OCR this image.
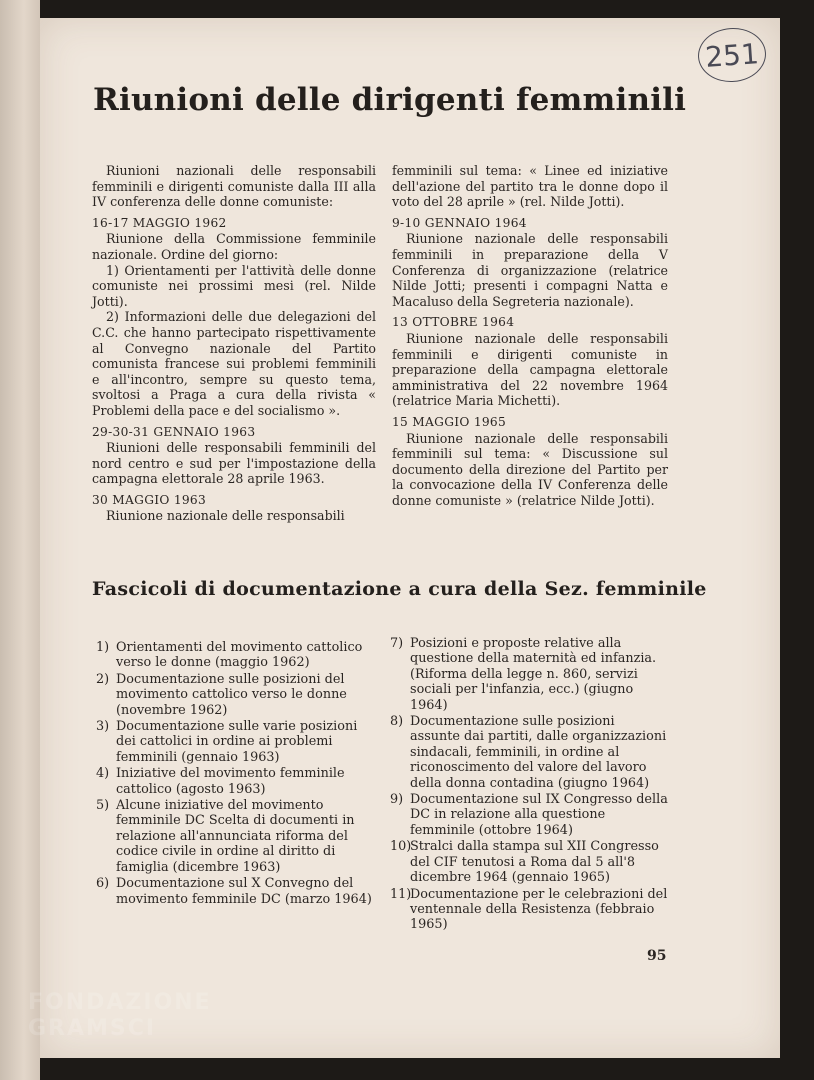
251
Riunioni delle dirigenti femminili

Riunioni nazionali delle responsabili femminili e dirigenti comuniste dalla III alla IV conferenza delle donne comuniste:

16-17 MAGGIO 1962

Riunione della Commissione femminile nazionale. Ordine del giorno:

1) Orientamenti per l'attività delle donne comuniste nei prossimi mesi (rel. Nilde Jotti).

2) Informazioni delle due delegazioni del C.C. che hanno partecipato rispettivamente al Convegno nazionale del Partito comunista francese sui problemi femminili e all'incontro, sempre su questo tema, svoltosi a Praga a cura della rivista « Problemi della pace e del socialismo ».

29-30-31 GENNAIO 1963

Riunioni delle responsabili femminili del nord centro e sud per l'impostazione della campagna elettorale 28 aprile 1963.

30 MAGGIO 1963

Riunione nazionale delle responsabili

femminili sul tema: « Linee ed iniziative dell'azione del partito tra le donne dopo il voto del 28 aprile » (rel. Nilde Jotti).

9-10 GENNAIO 1964

Riunione nazionale delle responsabili femminili in preparazione della V Conferenza di organizzazione (relatrice Nilde Jotti; presenti i compagni Natta e Macaluso della Segreteria nazionale).

13 OTTOBRE 1964

Riunione nazionale delle responsabili femminili e dirigenti comuniste in preparazione della campagna elettorale amministrativa del 22 novembre 1964 (relatrice Maria Michetti).

15 MAGGIO 1965

Riunione nazionale delle responsabili femminili sul tema: « Discussione sul documento della direzione del Partito per la convocazione della IV Conferenza delle donne comuniste » (relatrice Nilde Jotti).

Fascicoli di documentazione a cura della Sez. femminile
1) Orientamenti del movimento cattolico verso le donne (maggio 1962)
2) Documentazione sulle posizioni del movimento cattolico verso le donne (novembre 1962)
3) Documentazione sulle varie posizioni dei cattolici in ordine ai problemi femminili (gennaio 1963)
4) Iniziative del movimento femminile cattolico (agosto 1963)
5) Alcune iniziative del movimento femminile DC Scelta di documenti in relazione all'annunciata riforma del codice civile in ordine al diritto di famiglia (dicembre 1963)
6) Documentazione sul X Convegno del movimento femminile DC (marzo 1964)
7) Posizioni e proposte relative alla questione della maternità ed infanzia. (Riforma della legge n. 860, servizi sociali per l'infanzia, ecc.) (giugno 1964)
8) Documentazione sulle posizioni assunte dai partiti, dalle organizzazioni sindacali, femminili, in ordine al riconoscimento del valore del lavoro della donna contadina (giugno 1964)
9) Documentazione sul IX Congresso della DC in relazione alla questione femminile (ottobre 1964)
10)
Stralci dalla stampa sul XII Congresso del CIF tenutosi a Roma dal 5 all'8 dicembre 1964 (gennaio 1965)
11)
Documentazione per le celebrazioni del ventennale della Resistenza (febbraio 1965)
95
FONDAZIONE
GRAMSCI
